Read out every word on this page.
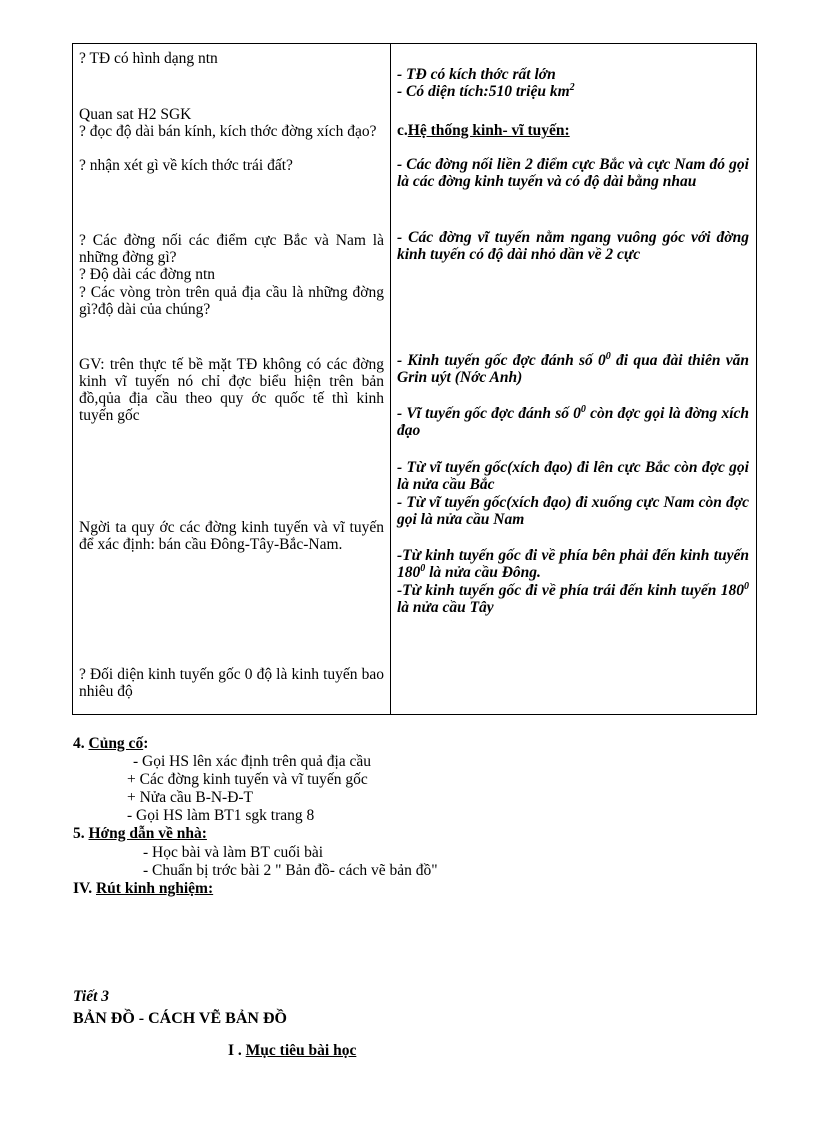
? TĐ có hình dạng ntn
Quan sat H2 SGK
? đọc độ dài bán kính, kích thớc đờng xích đạo?
? nhận xét gì về kích thớc trái đất?
? Các đờng nối các điểm cực Bắc và Nam là những đờng gì?
? Độ dài các đờng ntn
? Các vòng tròn trên quả địa cầu là những đờng gì?độ dài của chúng?
GV: trên thực tế bề mặt TĐ không có các đờng kinh vĩ tuyến nó chỉ đợc biểu hiện trên bản đồ,qủa địa cầu theo quy ớc quốc tế thì kinh tuyến gốc
Ngời ta quy ớc các đờng kinh tuyến và vĩ tuyến để xác định: bán cầu Đông-Tây-Bắc-Nam.
? Đối diện kinh tuyến gốc 0 độ là kinh tuyến bao nhiêu độ
- TĐ có kích thớc rất lớn
- Có diện tích:510 triệu $km^2$
c.Hệ thống kinh- vĩ tuyến:
- Các đờng nối liền 2 điểm cực Bắc và cực Nam đó gọi là các đờng kinh tuyến và có độ dài bằng nhau
- Các đờng vĩ tuyến nằm ngang vuông góc với đờng kinh tuyến có độ dài nhỏ dần về 2 cực
- Kinh tuyến gốc đợc đánh số $0^0$ đi qua đài thiên văn Grin uýt (Nớc Anh)
- Vĩ tuyến gốc đợc đánh số $0^0$ còn đợc gọi là đờng xích đạo
- Từ vĩ tuyến gốc(xích đạo) đi lên cực Bắc còn đợc gọi là nửa cầu Bắc
- Từ vĩ tuyến gốc(xích đạo) đi xuống cực Nam còn đợc gọi là nửa cầu Nam
-Từ kinh tuyến gốc đi về phía bên phải đến kinh tuyến $180^0$ là nửa cầu Đông.
-Từ kinh tuyến gốc đi về phía trái đến kinh tuyến $180^0$ là nửa cầu Tây
4. Củng cố:
- Gọi HS lên xác định trên quả địa cầu
+ Các đờng kinh tuyến và vĩ tuyến gốc
+ Nửa cầu B-N-Đ-T
- Gọi HS làm BT1 sgk trang 8
5. Hớng dẫn về nhà:
- Học bài và làm BT cuối bài
- Chuẩn bị trớc bài 2 " Bản đồ- cách vẽ bản đồ"
IV. Rút kinh nghiệm:
Tiết 3
BẢN ĐỒ - CÁCH VẼ BẢN ĐỒ
I . Mục tiêu bài học
